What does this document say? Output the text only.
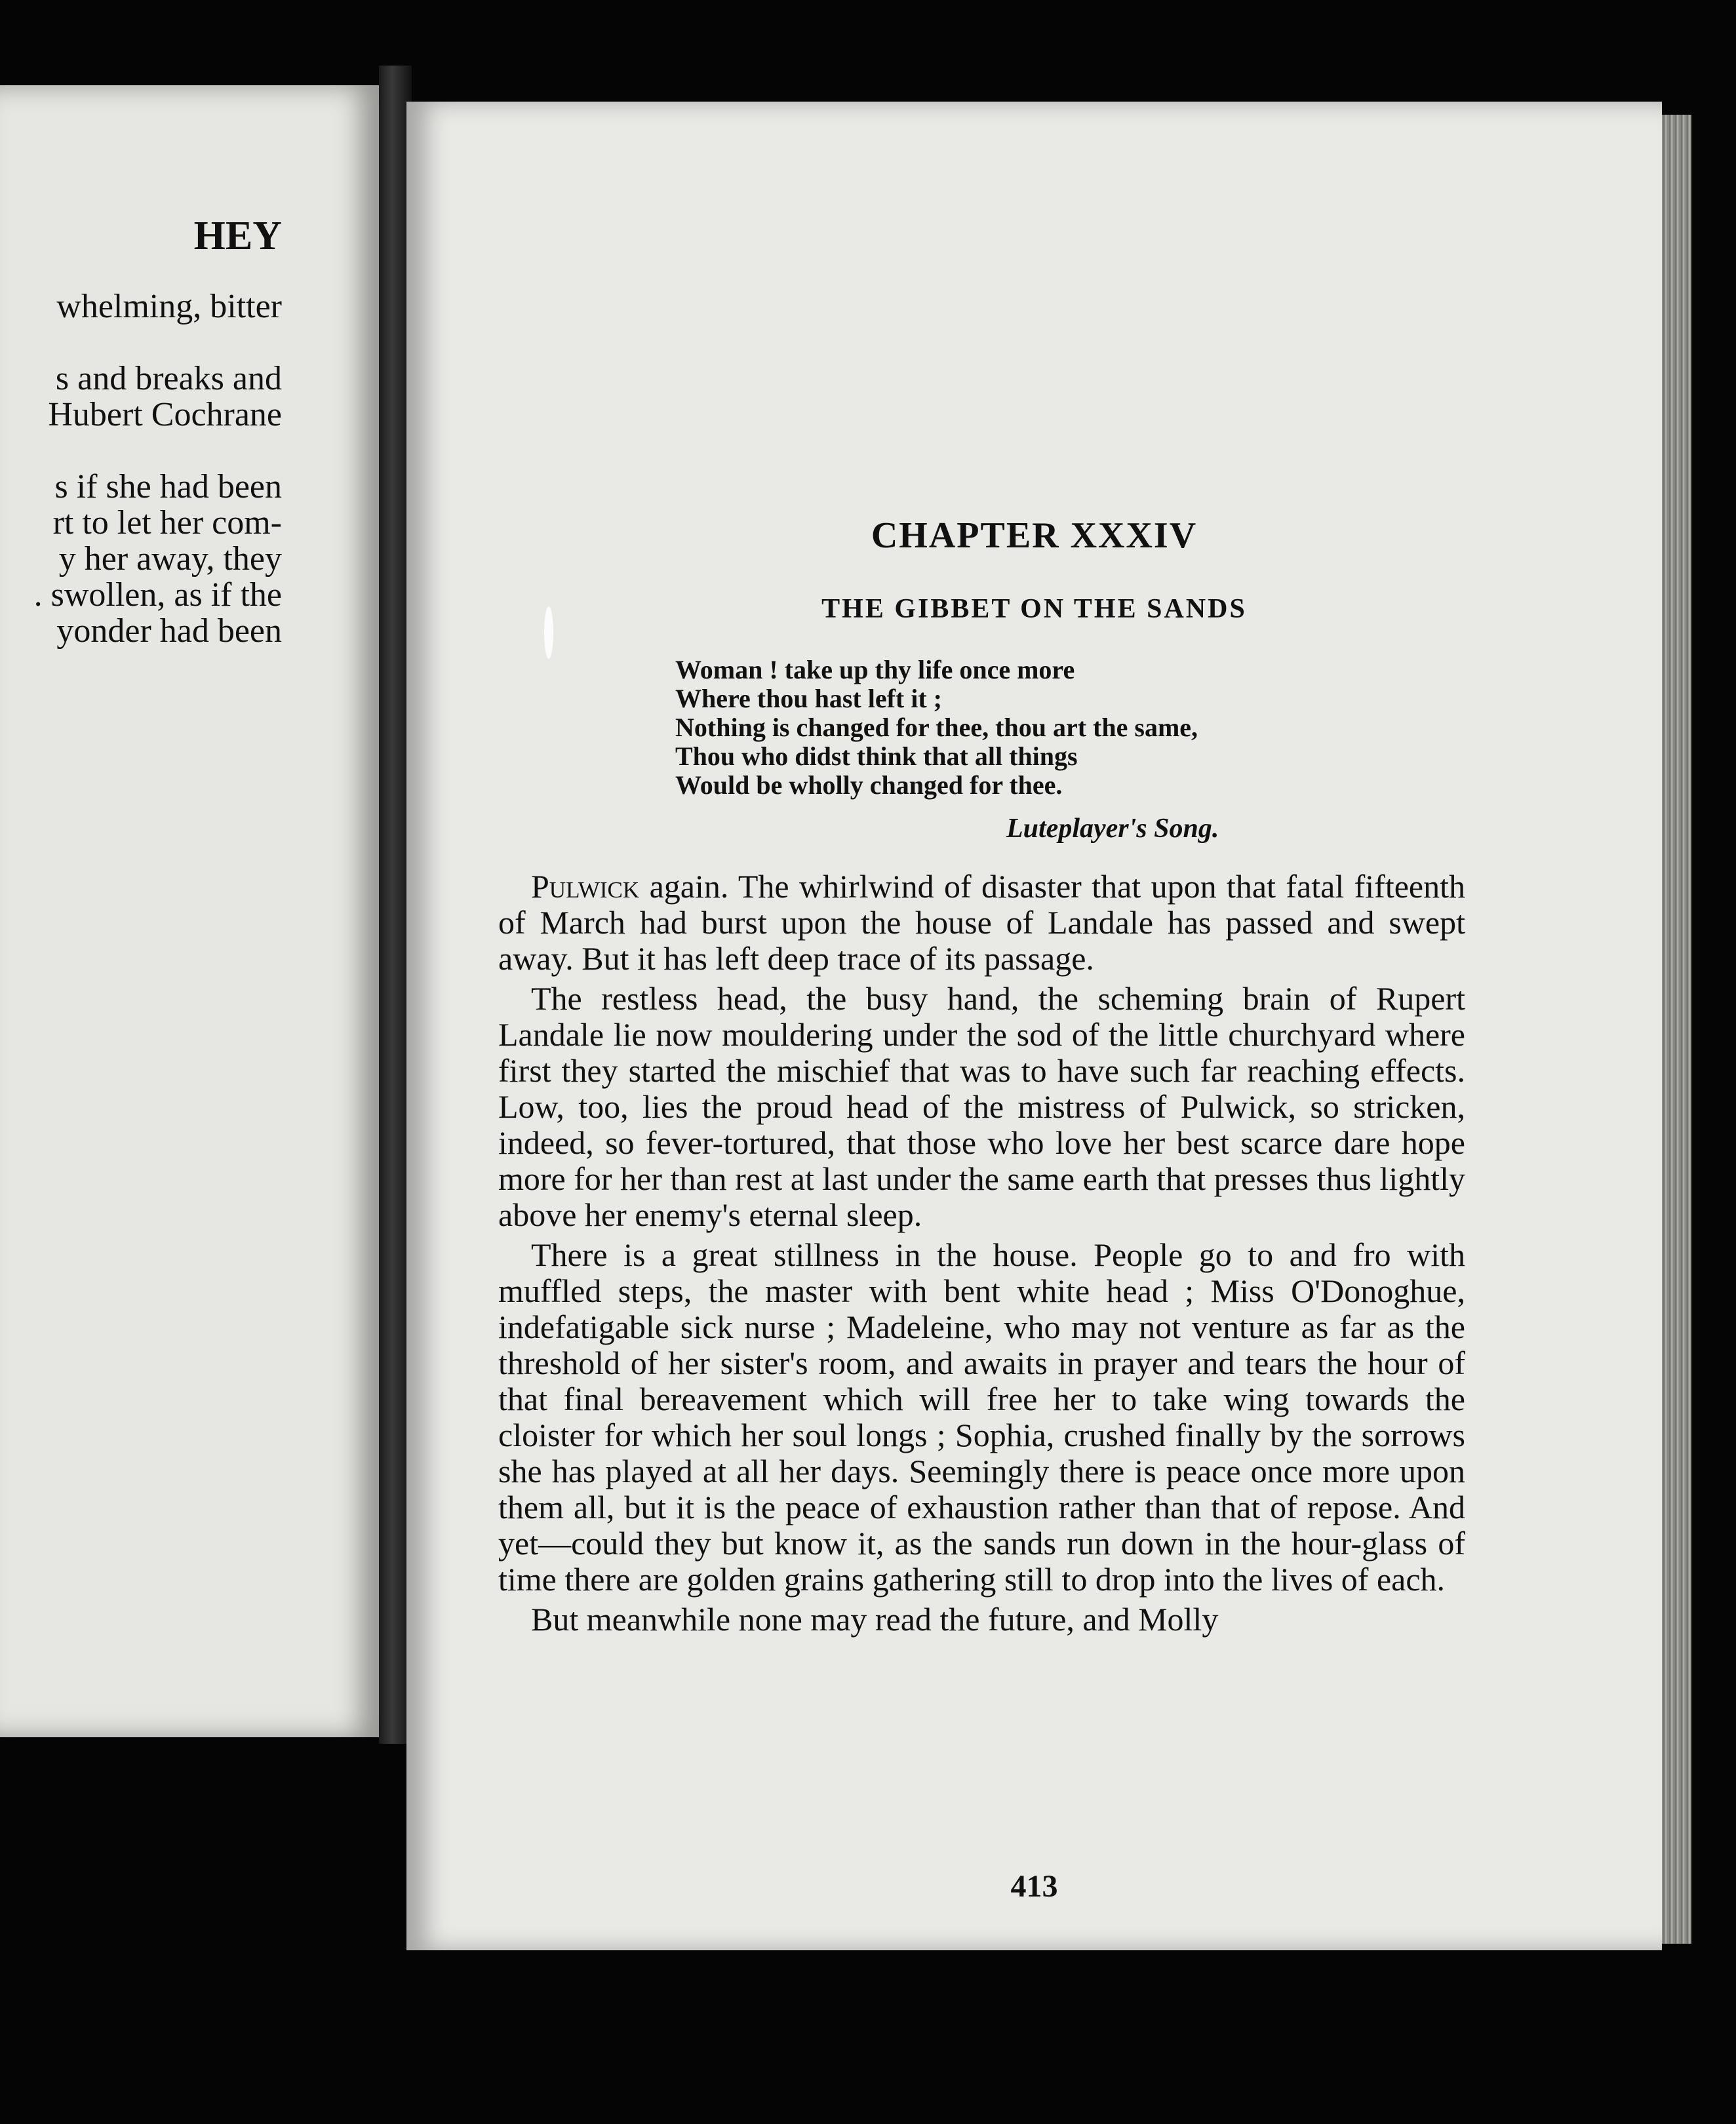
HEY
whelming, bitter
s and breaks and
Hubert Cochrane
s if she had been
rt to let her com-
y her away, they
. swollen, as if the
yonder had been
CHAPTER XXXIV
THE GIBBET ON THE SANDS
Woman ! take up thy life once more
Where thou hast left it ;
Nothing is changed for thee, thou art the same,
Thou who didst think that all things
Would be wholly changed for thee.
Luteplayer's Song.

Pulwick again. The whirlwind of disaster that upon that fatal fifteenth of March had burst upon the house of Landale has passed and swept away. But it has left deep trace of its passage.

The restless head, the busy hand, the scheming brain of Rupert Landale lie now mouldering under the sod of the little churchyard where first they started the mischief that was to have such far reaching effects. Low, too, lies the proud head of the mistress of Pulwick, so stricken, indeed, so fever-tortured, that those who love her best scarce dare hope more for her than rest at last under the same earth that presses thus lightly above her enemy's eternal sleep.

There is a great stillness in the house. People go to and fro with muffled steps, the master with bent white head ; Miss O'Donoghue, indefatigable sick nurse ; Madeleine, who may not venture as far as the threshold of her sister's room, and awaits in prayer and tears the hour of that final bereavement which will free her to take wing towards the cloister for which her soul longs ; Sophia, crushed finally by the sorrows she has played at all her days. Seemingly there is peace once more upon them all, but it is the peace of exhaustion rather than that of repose. And yet—could they but know it, as the sands run down in the hour-glass of time there are golden grains gathering still to drop into the lives of each.

But meanwhile none may read the future, and Molly

413
